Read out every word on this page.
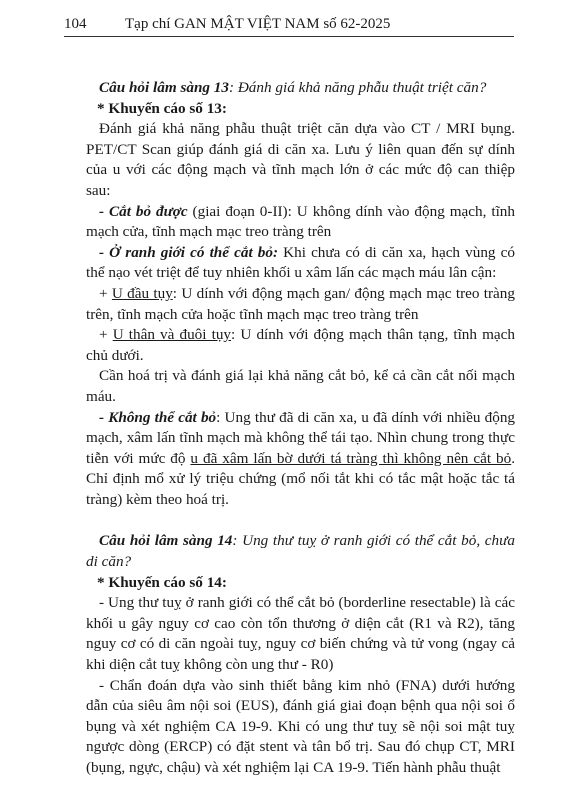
104	Tạp chí GAN MẬT VIỆT NAM số 62-2025

Câu hỏi lâm sàng 13: Đánh giá khả năng phẫu thuật triệt căn?

* Khuyến cáo số 13:

Đánh giá khả năng phẫu thuật triệt căn dựa vào CT / MRI bụng. PET/CT Scan giúp đánh giá di căn xa. Lưu ý liên quan đến sự dính của u với các động mạch và tĩnh mạch lớn ở các mức độ can thiệp sau:

- Cắt bỏ được (giai đoạn 0-II): U không dính vào động mạch, tĩnh mạch cửa, tĩnh mạch mạc treo tràng trên

- Ở ranh giới có thể cắt bỏ: Khi chưa có di căn xa, hạch vùng có thể nạo vét triệt để tuy nhiên khối u xâm lấn các mạch máu lân cận:

+ U đầu tụy: U dính với động mạch gan/ động mạch mạc treo tràng trên, tĩnh mạch cửa hoặc tĩnh mạch mạc treo tràng trên

+ U thân và đuôi tụy: U dính với động mạch thân tạng, tĩnh mạch chủ dưới.

Cần hoá trị và đánh giá lại khả năng cắt bỏ, kể cả cần cắt nối mạch máu.

- Không thể cắt bỏ: Ung thư đã di căn xa, u đã dính với nhiều động mạch, xâm lấn tĩnh mạch mà không thể tái tạo. Nhìn chung trong thực tiễn với mức độ u đã xâm lấn bờ dưới tá tràng thì không nên cắt bỏ. Chỉ định mổ xử lý triệu chứng (mổ nối tắt khi có tắc mật hoặc tắc tá tràng) kèm theo hoá trị.

Câu hỏi lâm sàng 14: Ung thư tuỵ ở ranh giới có thể cắt bỏ, chưa di căn?

* Khuyến cáo số 14:

- Ung thư tuỵ ở ranh giới có thể cắt bỏ (borderline resectable) là các khối u gây nguy cơ cao còn tổn thương ở diện cắt (R1 và R2), tăng nguy cơ có di căn ngoài tuỵ, nguy cơ biến chứng và tử vong (ngay cả khi diện cắt tuỵ không còn ung thư - R0)

- Chẩn đoán dựa vào sinh thiết bằng kim nhỏ (FNA) dưới hướng dẫn của siêu âm nội soi (EUS), đánh giá giai đoạn bệnh qua nội soi ổ bụng và xét nghiệm CA 19-9. Khi có ung thư tuỵ sẽ nội soi mật tuỵ ngược dòng (ERCP) có đặt stent và tân bổ trị. Sau đó chụp CT, MRI (bụng, ngực, chậu) và xét nghiệm lại CA 19-9. Tiến hành phẫu thuật
